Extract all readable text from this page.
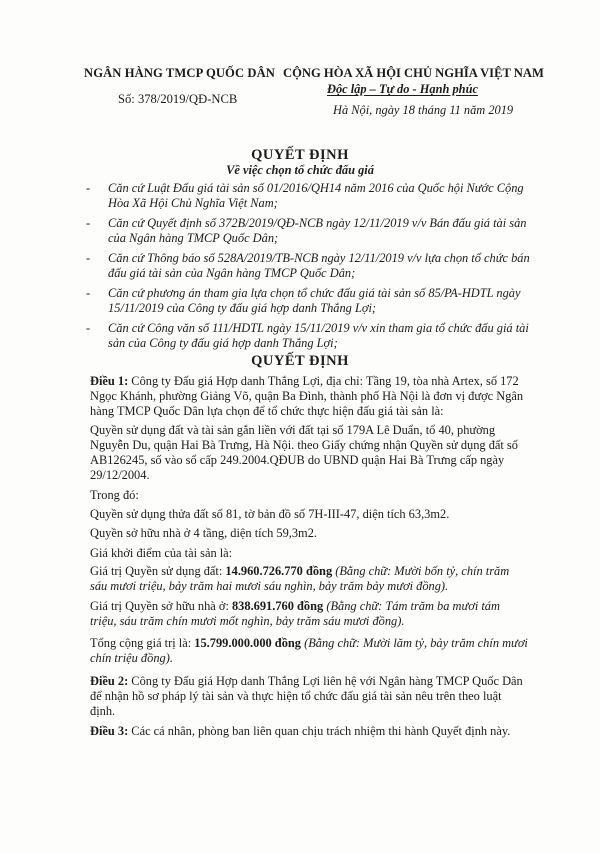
NGÂN HÀNG TMCP QUỐC DÂN CỘNG HÒA XÃ HỘI CHỦ NGHĨA VIỆT NAM

Độc lập – Tự do - Hạnh phúc

Số: 378/2019/QĐ-NCB

Hà Nội, ngày 18 tháng 11 năm 2019

QUYẾT ĐỊNH

Về việc chọn tổ chức đấu giá

- Căn cứ Luật Đấu giá tài sản số 01/2016/QH14 năm 2016 của Quốc hội Nước Cộng Hòa Xã Hội Chủ Nghĩa Việt Nam;
- Căn cứ Quyết định số 372B/2019/QĐ-NCB ngày 12/11/2019 v/v Bán đấu giá tài sản của Ngân hàng TMCP Quốc Dân;
- Căn cứ Thông báo số 528A/2019/TB-NCB ngày 12/11/2019 v/v lựa chọn tổ chức bán đấu giá tài sản của Ngân hàng TMCP Quốc Dân;
- Căn cứ phương án tham gia lựa chọn tổ chức đấu giá tài sản số 85/PA-HDTL ngày 15/11/2019 của Công ty đấu giá hợp danh Thắng Lợi;
- Căn cứ Công văn số 111/HDTL ngày 15/11/2019 v/v xin tham gia tổ chức đấu giá tài sản của Công ty đấu giá hợp danh Thắng Lợi;

QUYẾT ĐỊNH

Điều 1: Công ty Đấu giá Hợp danh Thắng Lợi, địa chỉ: Tầng 19, tòa nhà Artex, số 172 Ngọc Khánh, phường Giảng Võ, quận Ba Đình, thành phố Hà Nội là đơn vị được Ngân hàng TMCP Quốc Dân lựa chọn để tổ chức thực hiện đấu giá tài sản là:

Quyền sử dụng đất và tài sản gắn liền với đất tại số 179A Lê Duẩn, tổ 40, phường Nguyễn Du, quận Hai Bà Trưng, Hà Nội. theo Giấy chứng nhận Quyền sử dụng đất số AB126245, số vào sổ cấp 249.2004.QĐUB do UBND quận Hai Bà Trưng cấp ngày 29/12/2004.

Trong đó:

Quyền sử dụng thửa đất số 81, tờ bản đồ số 7H-III-47, diện tích 63,3m2.

Quyền sở hữu nhà ở 4 tầng, diện tích 59,3m2.

Giá khởi điểm của tài sản là:

Giá trị Quyền sử dụng đất: 14.960.726.770 đồng (Bằng chữ: Mười bốn tỷ, chín trăm sáu mươi triệu, bảy trăm hai mươi sáu nghìn, bảy trăm bảy mươi đồng).

Giá trị Quyền sở hữu nhà ở: 838.691.760 đồng (Bằng chữ: Tám trăm ba mươi tám triệu, sáu trăm chín mươi mốt nghìn, bảy trăm sáu mươi đồng).

Tổng cộng giá trị là: 15.799.000.000 đồng (Bằng chữ: Mười lăm tỷ, bảy trăm chín mươi chín triệu đồng).

Điều 2: Công ty Đấu giá Hợp danh Thắng Lợi liên hệ với Ngân hàng TMCP Quốc Dân để nhận hồ sơ pháp lý tài sản và thực hiện tổ chức đấu giá tài sản nêu trên theo luật định.

Điều 3: Các cá nhân, phòng ban liên quan chịu trách nhiệm thi hành Quyết định này.
